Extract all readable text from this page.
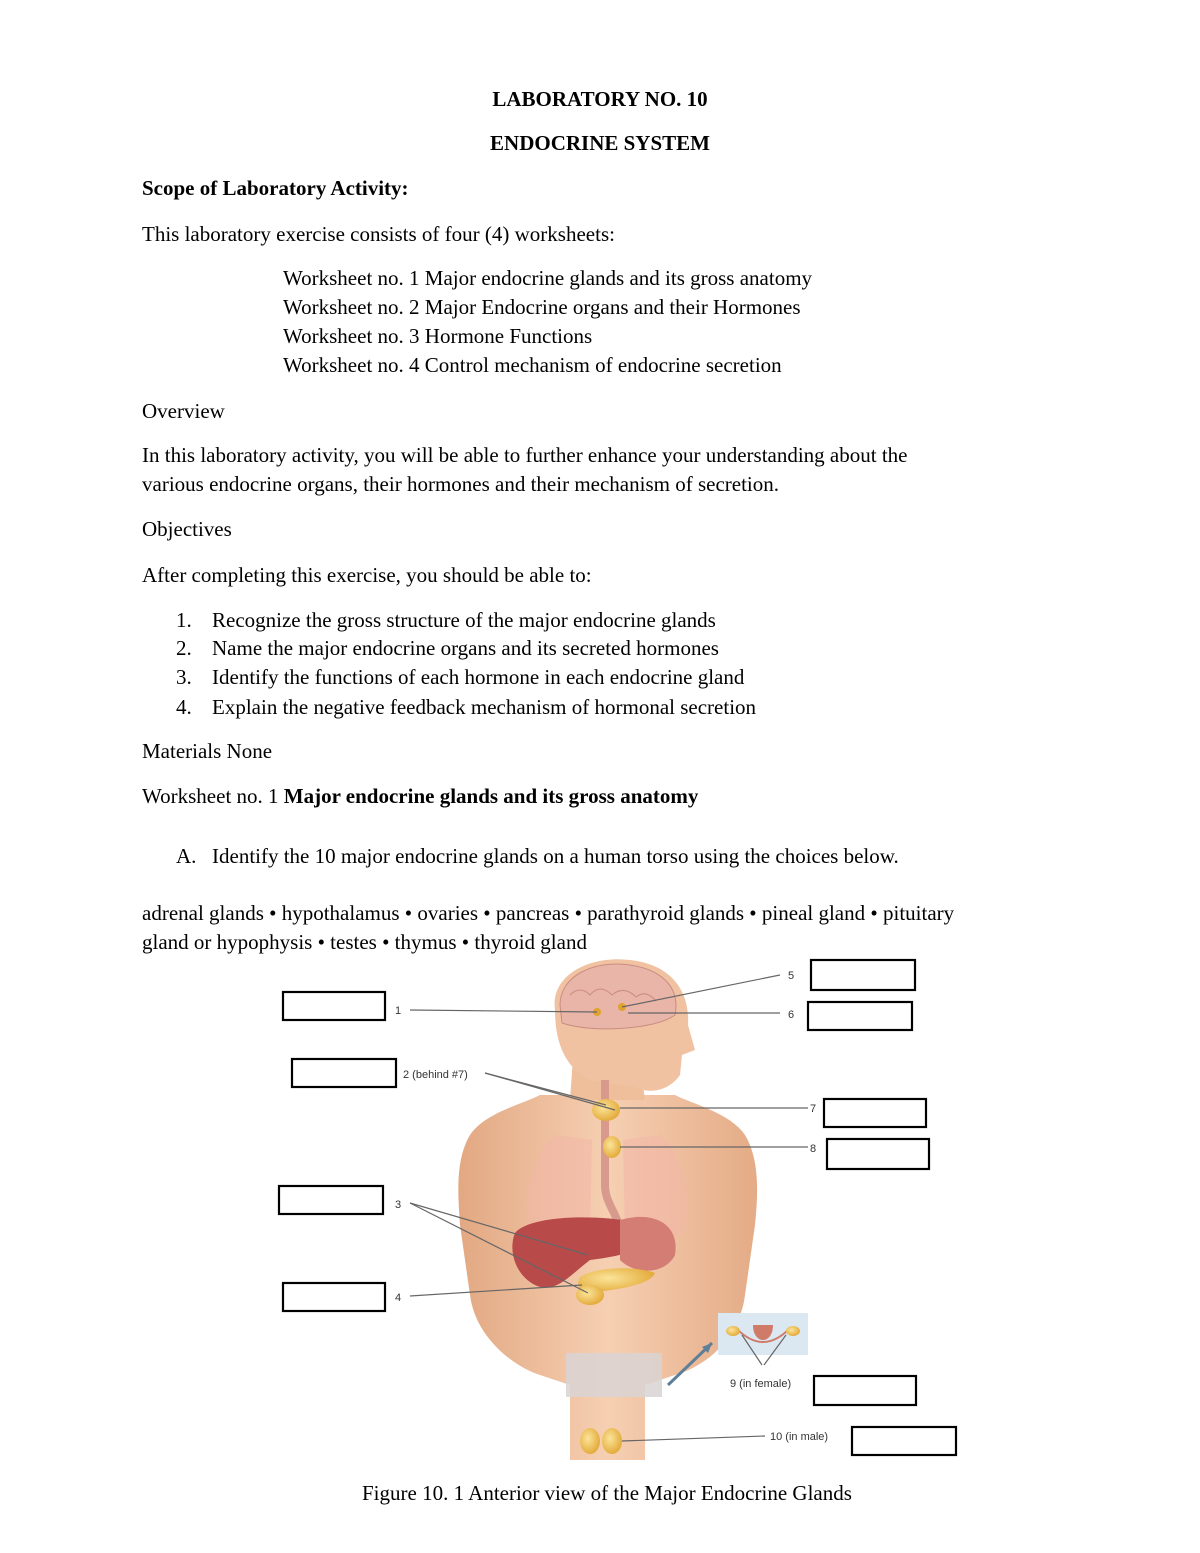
LABORATORY NO. 10
ENDOCRINE SYSTEM
Scope of Laboratory Activity:
This laboratory exercise consists of four (4) worksheets:
Worksheet no. 1 Major endocrine glands and its gross anatomy
Worksheet no. 2 Major Endocrine organs and their Hormones
Worksheet no. 3 Hormone Functions
Worksheet no. 4 Control mechanism of endocrine secretion
Overview
In this laboratory activity, you will be able to further enhance your understanding about the
various endocrine organs, their hormones and their mechanism of secretion.
Objectives
After completing this exercise, you should be able to:
1. Recognize the gross structure of the major endocrine glands
2. Name the major endocrine organs and its secreted hormones
3. Identify the functions of each hormone in each endocrine gland
4. Explain the negative feedback mechanism of hormonal secretion
Materials None
Worksheet no. 1 Major endocrine glands and its gross anatomy
A. Identify the 10 major endocrine glands on a human torso using the choices below.
adrenal glands • hypothalamus • ovaries • pancreas • parathyroid glands • pineal gland • pituitary
gland or hypophysis • testes • thymus • thyroid gland
1
2 (behind #7)
3
4
5
6
7
8
9 (in female)
10 (in male)
Figure 10. 1 Anterior view of the Major Endocrine Glands
